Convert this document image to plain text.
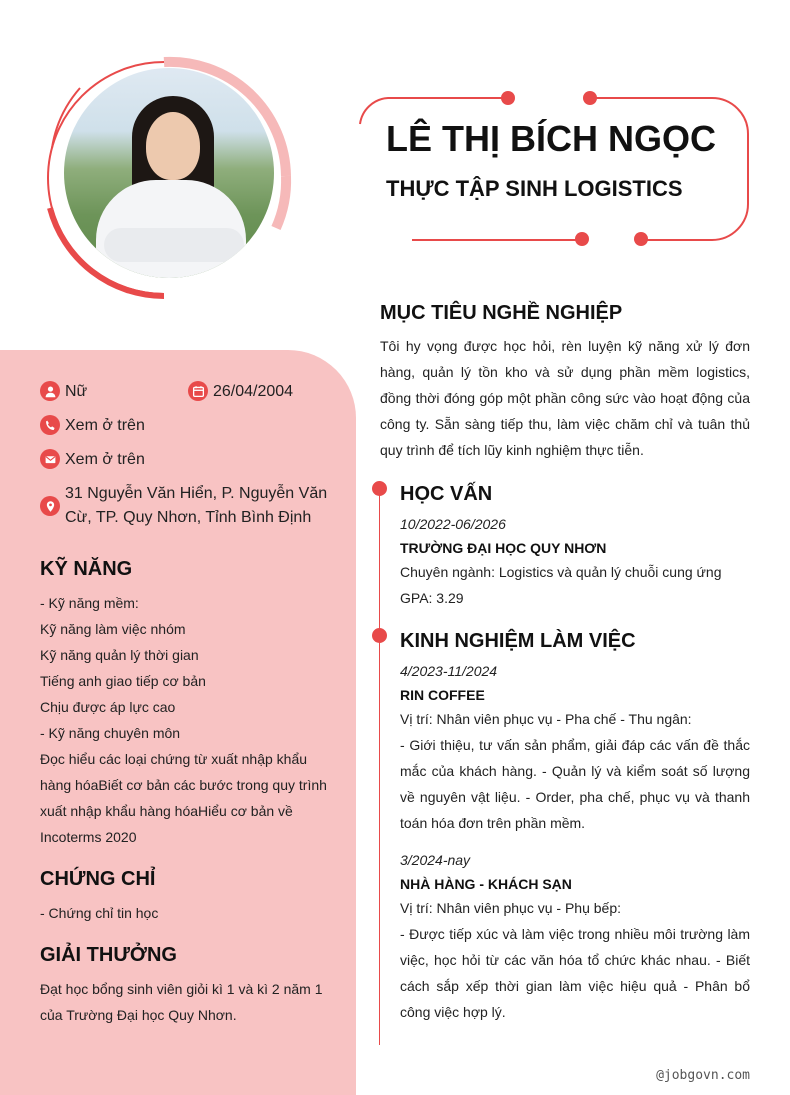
LÊ THỊ BÍCH NGỌC
THỰC TẬP SINH LOGISTICS
Nữ	26/04/2004
Xem ở trên
Xem ở trên
31 Nguyễn Văn Hiển, P. Nguyễn Văn Cừ, TP. Quy Nhơn, Tỉnh Bình Định
KỸ NĂNG
- Kỹ năng mềm:
Kỹ năng làm việc nhóm
Kỹ năng quản lý thời gian
Tiếng anh giao tiếp cơ bản
Chịu được áp lực cao
- Kỹ năng chuyên môn
Đọc hiểu các loại chứng từ xuất nhập khẩu
hàng hóaBiết cơ bản các bước trong quy trình
xuất nhập khẩu hàng hóaHiểu cơ bản về
Incoterms 2020
CHỨNG CHỈ
- Chứng chỉ tin học
GIẢI THƯỞNG
Đạt học bổng sinh viên giỏi kì 1 và kì 2 năm 1
của Trường Đại học Quy Nhơn.
MỤC TIÊU NGHỀ NGHIỆP
Tôi hy vọng được học hỏi, rèn luyện kỹ năng xử lý đơn hàng, quản lý tồn kho và sử dụng phần mềm logistics, đồng thời đóng góp một phần công sức vào hoạt động của công ty. Sẵn sàng tiếp thu, làm việc chăm chỉ và tuân thủ quy trình để tích lũy kinh nghiệm thực tiễn.
HỌC VẤN
10/2022-06/2026
TRƯỜNG ĐẠI HỌC QUY NHƠN
Chuyên ngành: Logistics và quản lý chuỗi cung ứng
GPA: 3.29
KINH NGHIỆM LÀM VIỆC
4/2023-11/2024
RIN COFFEE
Vị trí: Nhân viên phục vụ - Pha chế - Thu ngân:
- Giới thiệu, tư vấn sản phẩm, giải đáp các vấn đề thắc mắc của khách hàng. - Quản lý và kiểm soát số lượng về nguyên vật liệu. - Order, pha chế, phục vụ và thanh toán hóa đơn trên phần mềm.
3/2024-nay
NHÀ HÀNG - KHÁCH SẠN
Vị trí: Nhân viên phục vụ - Phụ bếp:
- Được tiếp xúc và làm việc trong nhiều môi trường làm việc, học hỏi từ các văn hóa tổ chức khác nhau. - Biết cách sắp xếp thời gian làm việc hiệu quả - Phân bổ công việc hợp lý.
@jobgovn.com
